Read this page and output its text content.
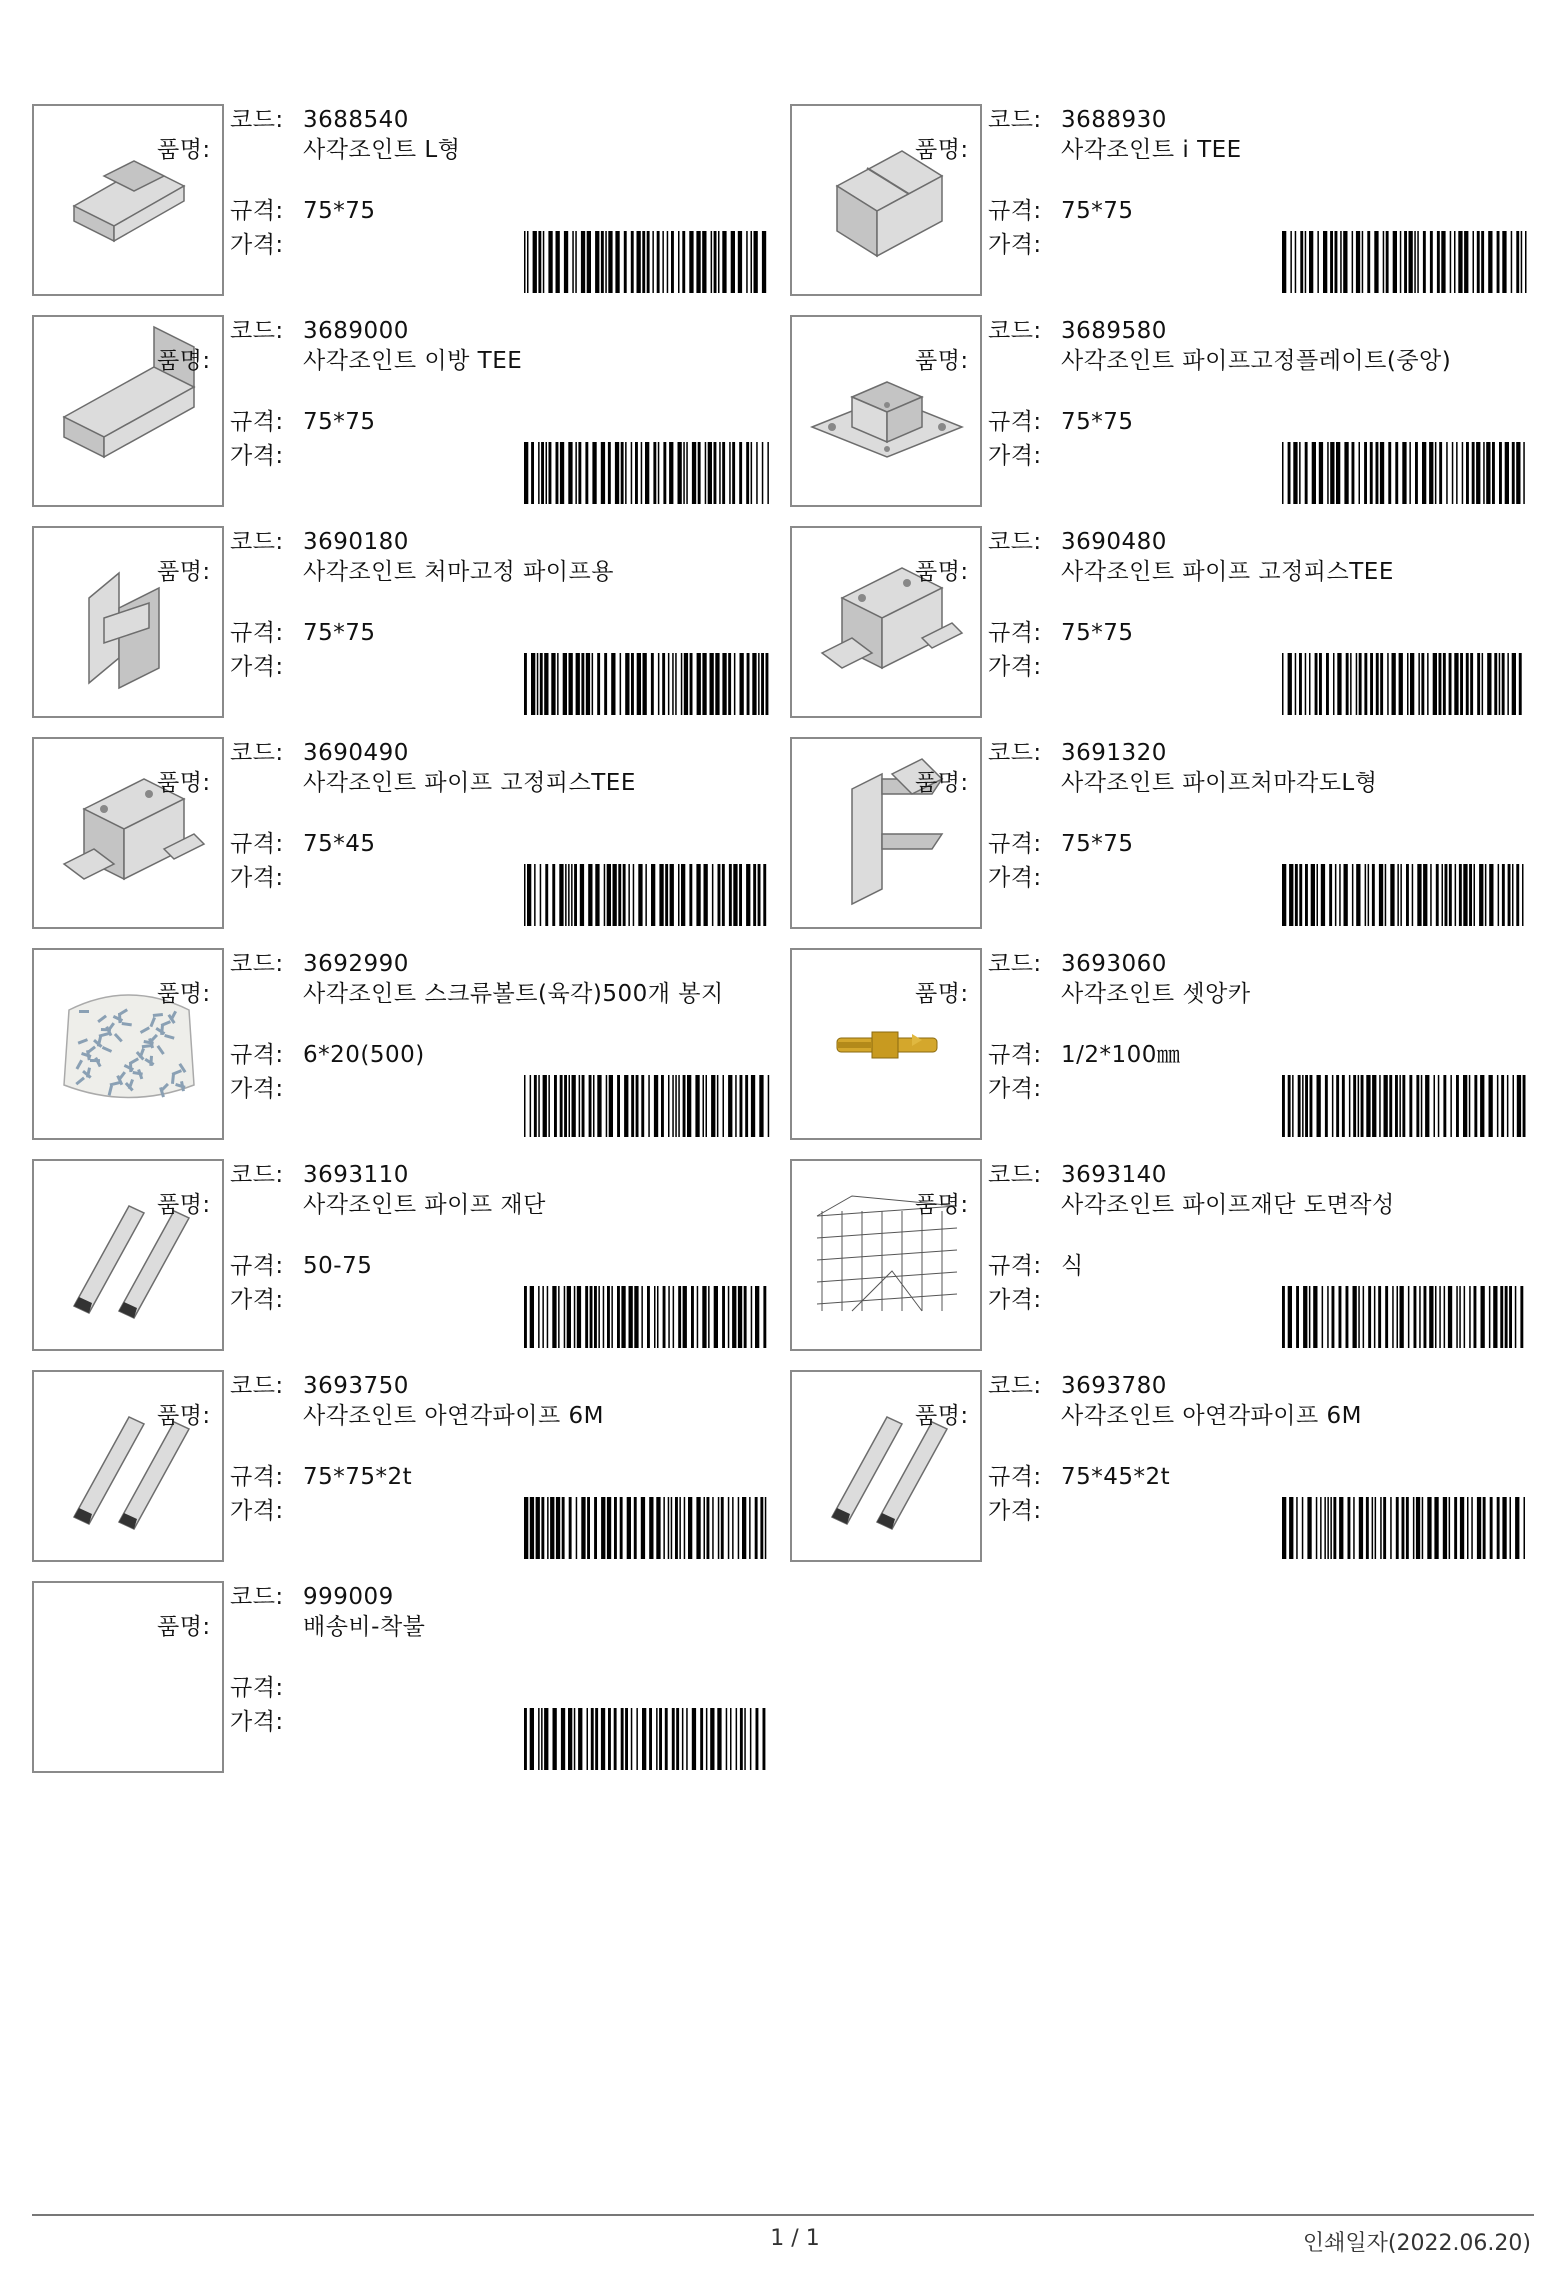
코드: 3688540
품명:	사각조인트 L형
규격: 75*75
가격:
코드: 3688930
품명:	사각조인트 i TEE
규격: 75*75
가격:
코드: 3689000
품명:	사각조인트 이방 TEE
규격: 75*75
가격:
코드: 3689580
품명:	사각조인트 파이프고정플레이트(중앙)
규격: 75*75
가격:
코드: 3690180
품명:	사각조인트 처마고정 파이프용
규격: 75*75
가격:
코드: 3690480
품명:	사각조인트 파이프 고정피스TEE
규격: 75*75
가격:
코드: 3690490
품명:	사각조인트 파이프 고정피스TEE
규격: 75*45
가격:
코드: 3691320
품명:	사각조인트 파이프처마각도L형
규격: 75*75
가격:
코드: 3692990
품명:	사각조인트 스크류볼트(육각)500개 봉지
규격: 6*20(500)
가격:
코드: 3693060
품명:	사각조인트 셋앙카
규격: 1/2*100㎜
가격:
코드: 3693110
품명:	사각조인트 파이프 재단
규격: 50-75
가격:
코드: 3693140
품명:	사각조인트 파이프재단 도면작성
규격: 식
가격:
코드: 3693750
품명:	사각조인트 아연각파이프 6M
규격: 75*75*2t
가격:
코드: 3693780
품명:	사각조인트 아연각파이프 6M
규격: 75*45*2t
가격:
코드: 999009
품명:	배송비-착불
규격:
가격:
1 / 1	인쇄일자(2022.06.20)
